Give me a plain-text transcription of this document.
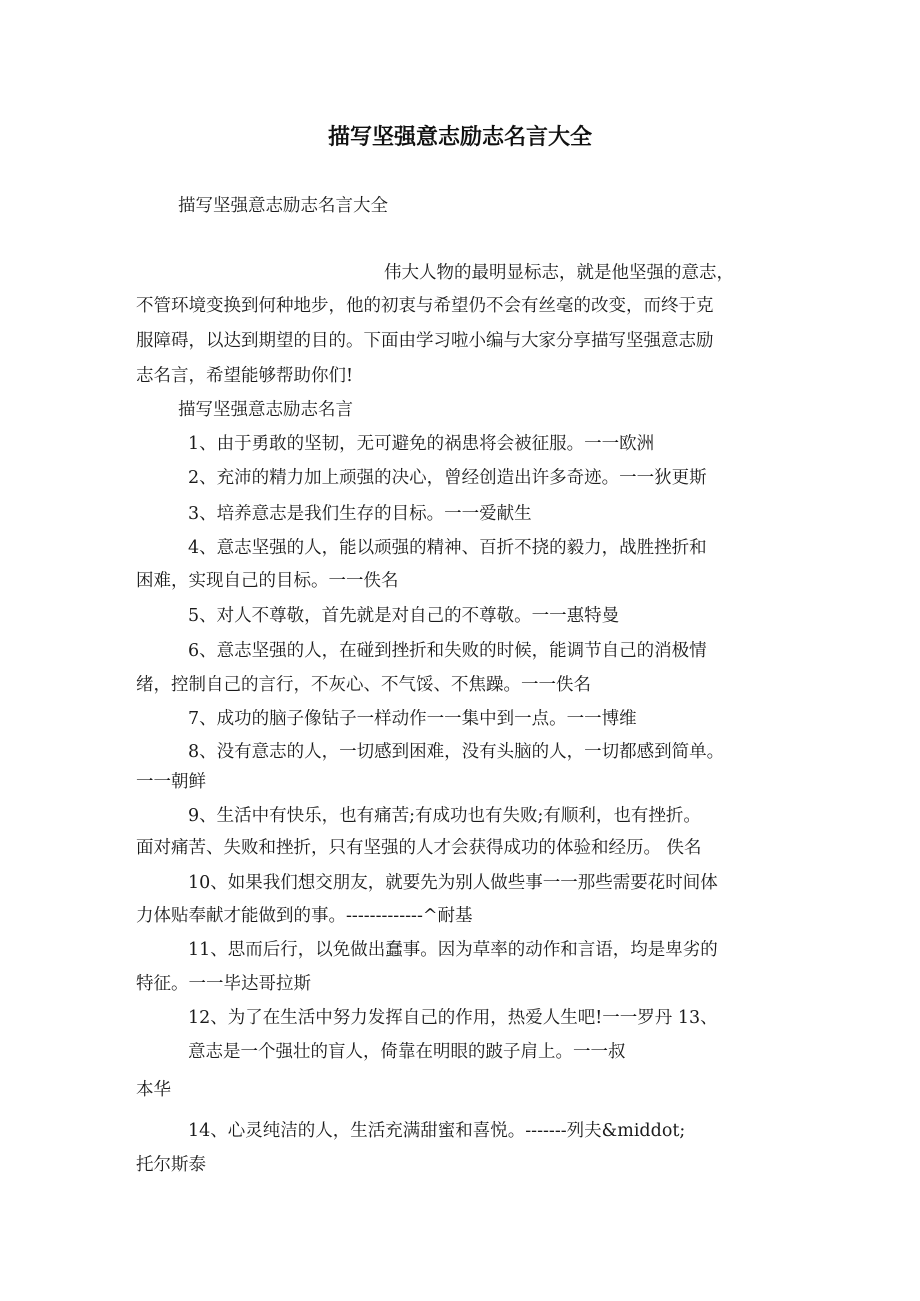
描写坚强意志励志名言大全
描写坚强意志励志名言大全
伟大人物的最明显标志，就是他坚强的意志，
不管环境变换到何种地步，他的初衷与希望仍不会有丝毫的改变，而终于克
服障碍，以达到期望的目的。下面由学习啦小编与大家分享描写坚强意志励
志名言，希望能够帮助你们!
描写坚强意志励志名言
1、由于勇敢的坚韧，无可避免的祸患将会被征服。一一欧洲
2、充沛的精力加上顽强的决心，曾经创造出许多奇迹。一一狄更斯
3、培养意志是我们生存的目标。一一爱献生
4、意志坚强的人，能以顽强的精神、百折不挠的毅力，战胜挫折和
困难，实现自己的目标。一一佚名
5、对人不尊敬，首先就是对自己的不尊敬。一一惠特曼
6、意志坚强的人，在碰到挫折和失败的时候，能调节自己的消极情
绪，控制自己的言行，不灰心、不气馁、不焦躁。一一佚名
7、成功的脑子像钻子一样动作一一集中到一点。一一博维
8、没有意志的人，一切感到困难，没有头脑的人，一切都感到简单。
一一朝鲜
9、生活中有快乐，也有痛苦;有成功也有失败;有顺利，也有挫折。
面对痛苦、失败和挫折，只有坚强的人才会获得成功的体验和经历。 佚名
10、如果我们想交朋友，就要先为别人做些事一一那些需要花时间体
力体贴奉献才能做到的事。-------------^耐基
11、思而后行，以免做出蠢事。因为草率的动作和言语，均是卑劣的
特征。一一毕达哥拉斯
12、为了在生活中努力发挥自己的作用，热爱人生吧!一一罗丹 13、
意志是一个强壮的盲人，倚靠在明眼的跛子肩上。一一叔
本华
14、心灵纯洁的人，生活充满甜蜜和喜悦。-------列夫&middot;
托尔斯泰
